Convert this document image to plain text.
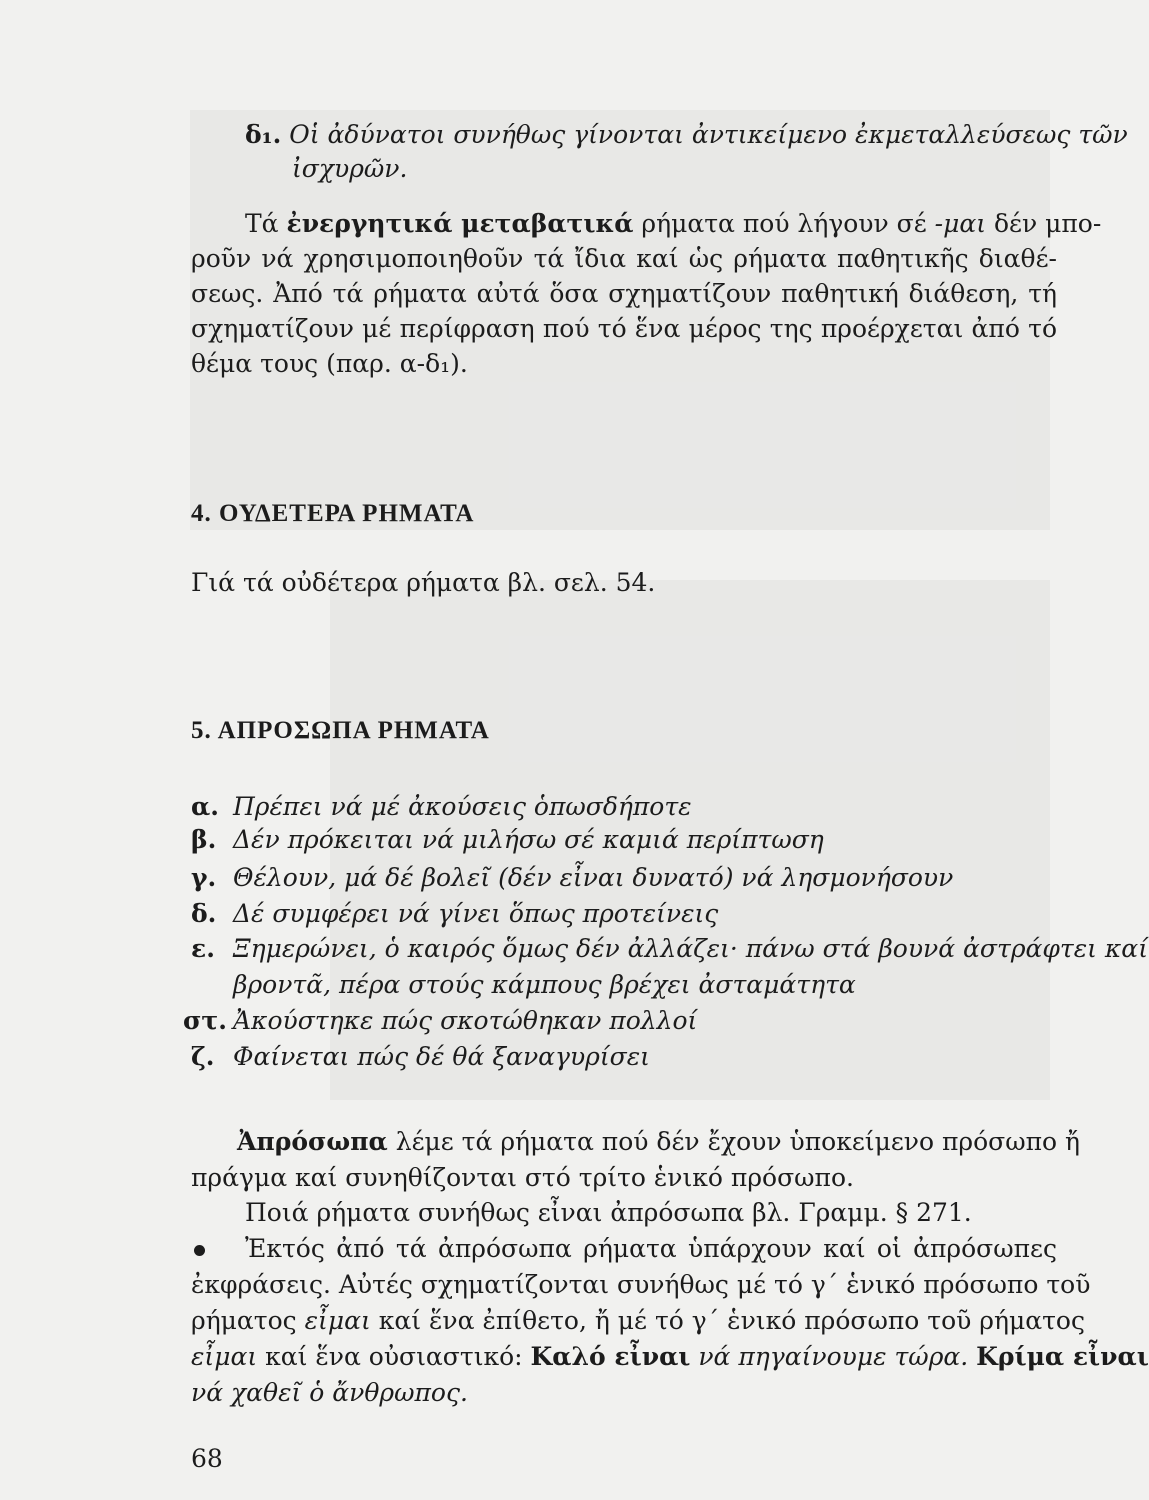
δ₁. Οἱ ἀδύνατοι συνήθως γίνονται ἀντικείμενο ἐκμεταλλεύσεως τῶν
ἰσχυρῶν.
Τά ἐνεργητικά μεταβατικά ρήματα πού λήγουν σέ -μαι δέν μπο-
ροῦν νά χρησιμοποιηθοῦν τά ἴδια καί ὡς ρήματα παθητικῆς διαθέ-
σεως. Ἀπό τά ρήματα αὐτά ὅσα σχηματίζουν παθητική διάθεση, τή
σχηματίζουν μέ περίφραση πού τό ἕνα μέρος της προέρχεται ἀπό τό
θέμα τους (παρ. α-δ₁).
4. ΟΥΔΕΤΕΡΑ ΡΗΜΑΤΑ
Γιά τά οὐδέτερα ρήματα βλ. σελ. 54.
5. ΑΠΡΟΣΩΠΑ ΡΗΜΑΤΑ
α. Πρέπει νά μέ ἀκούσεις ὁπωσδήποτε
β. Δέν πρόκειται νά μιλήσω σέ καμιά περίπτωση
γ. Θέλουν, μά δέ βολεῖ (δέν εἶναι δυνατό) νά λησμονήσουν
δ. Δέ συμφέρει νά γίνει ὅπως προτείνεις
ε. Ξημερώνει, ὁ καιρός ὅμως δέν ἀλλάζει· πάνω στά βουνά ἀστράφτει καί
βροντᾶ, πέρα στούς κάμπους βρέχει ἀσταμάτητα
στ. Ἀκούστηκε πώς σκοτώθηκαν πολλοί
ζ. Φαίνεται πώς δέ θά ξαναγυρίσει
Ἀπρόσωπα λέμε τά ρήματα πού δέν ἔχουν ὑποκείμενο πρόσωπο ἤ
πράγμα καί συνηθίζονται στό τρίτο ἑνικό πρόσωπο.
Ποιά ρήματα συνήθως εἶναι ἀπρόσωπα βλ. Γραμμ. § 271.
Ἐκτός ἀπό τά ἀπρόσωπα ρήματα ὑπάρχουν καί οἱ ἀπρόσωπες
ἐκφράσεις. Αὐτές σχηματίζονται συνήθως μέ τό γ΄ ἑνικό πρόσωπο τοῦ
ρήματος εἶμαι καί ἕνα ἐπίθετο, ἤ μέ τό γ΄ ἑνικό πρόσωπο τοῦ ρήματος
εἶμαι καί ἕνα οὐσιαστικό: Καλό εἶναι νά πηγαίνουμε τώρα. Κρίμα εἶναι
νά χαθεῖ ὁ ἄνθρωπος.
68
